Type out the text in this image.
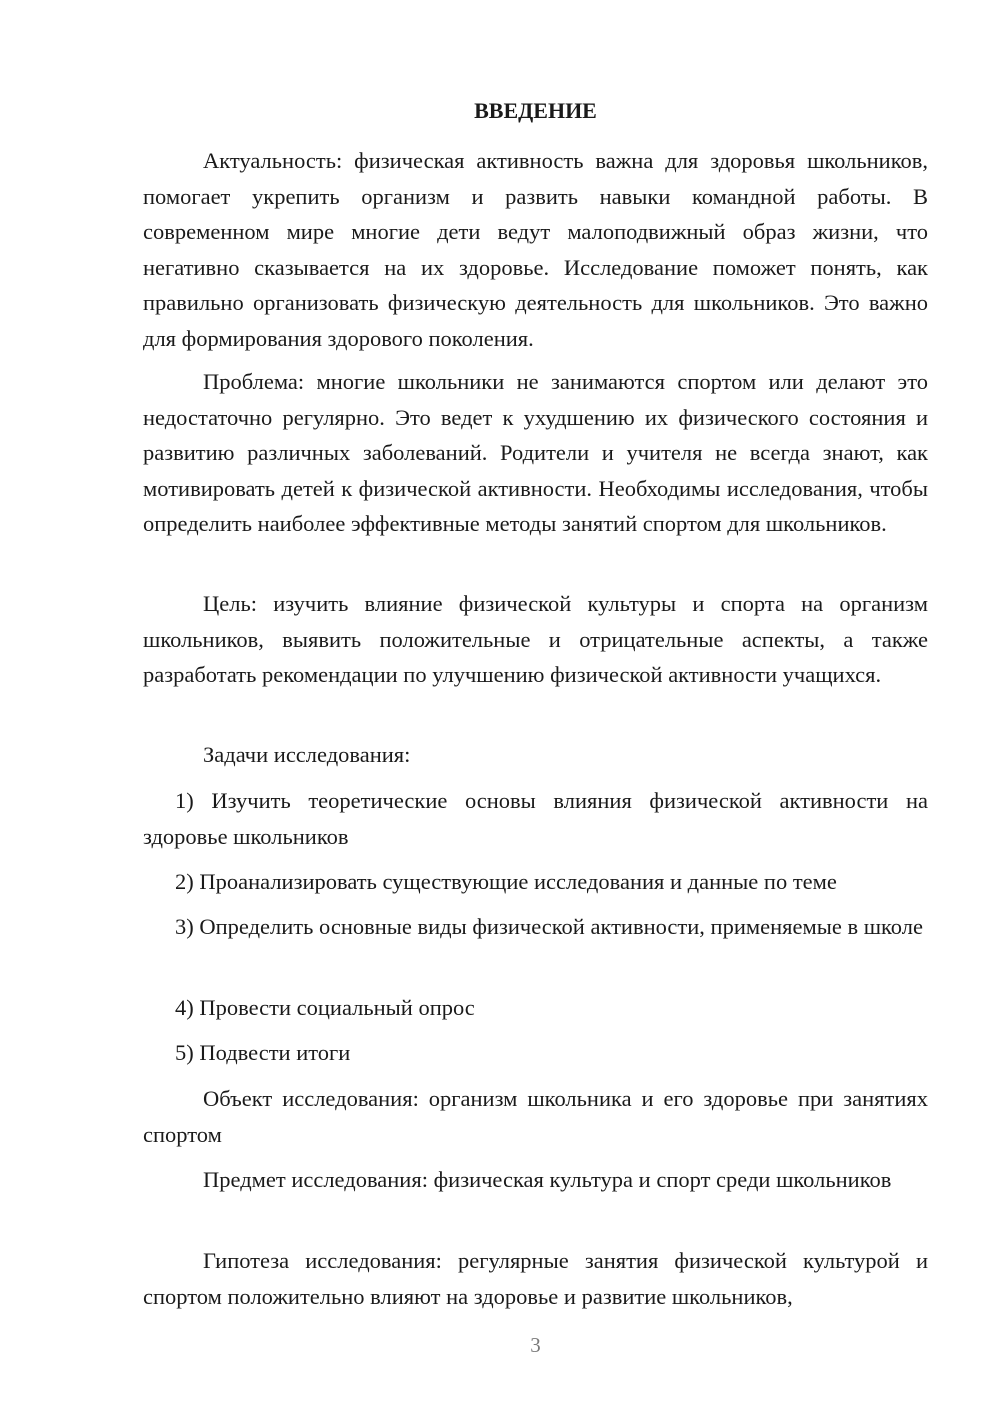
ВВЕДЕНИЕ

Актуальность: физическая активность важна для здоровья школьников, помогает укрепить организм и развить навыки командной работы. В современном мире многие дети ведут малоподвижный образ жизни, что негативно сказывается на их здоровье. Исследование поможет понять, как правильно организовать физическую деятельность для школьников. Это важно для формирования здорового поколения.

Проблема: многие школьники не занимаются спортом или делают это недостаточно регулярно. Это ведет к ухудшению их физического состояния и развитию различных заболеваний. Родители и учителя не всегда знают, как мотивировать детей к физической активности. Необходимы исследования, чтобы определить наиболее эффективные методы занятий спортом для школьников.

Цель: изучить влияние физической культуры и спорта на организм школьников, выявить положительные и отрицательные аспекты, а также разработать рекомендации по улучшению физической активности учащихся.

Задачи исследования:

1) Изучить теоретические основы влияния физической активности на здоровье школьников

2) Проанализировать существующие исследования и данные по теме

3) Определить основные виды физической активности, применяемые в школе

4) Провести социальный опрос

5) Подвести итоги

Объект исследования: организм школьника и его здоровье при занятиях спортом

Предмет исследования: физическая культура и спорт среди школьников

Гипотеза исследования: регулярные занятия физической культурой и спортом положительно влияют на здоровье и развитие школьников,

3
